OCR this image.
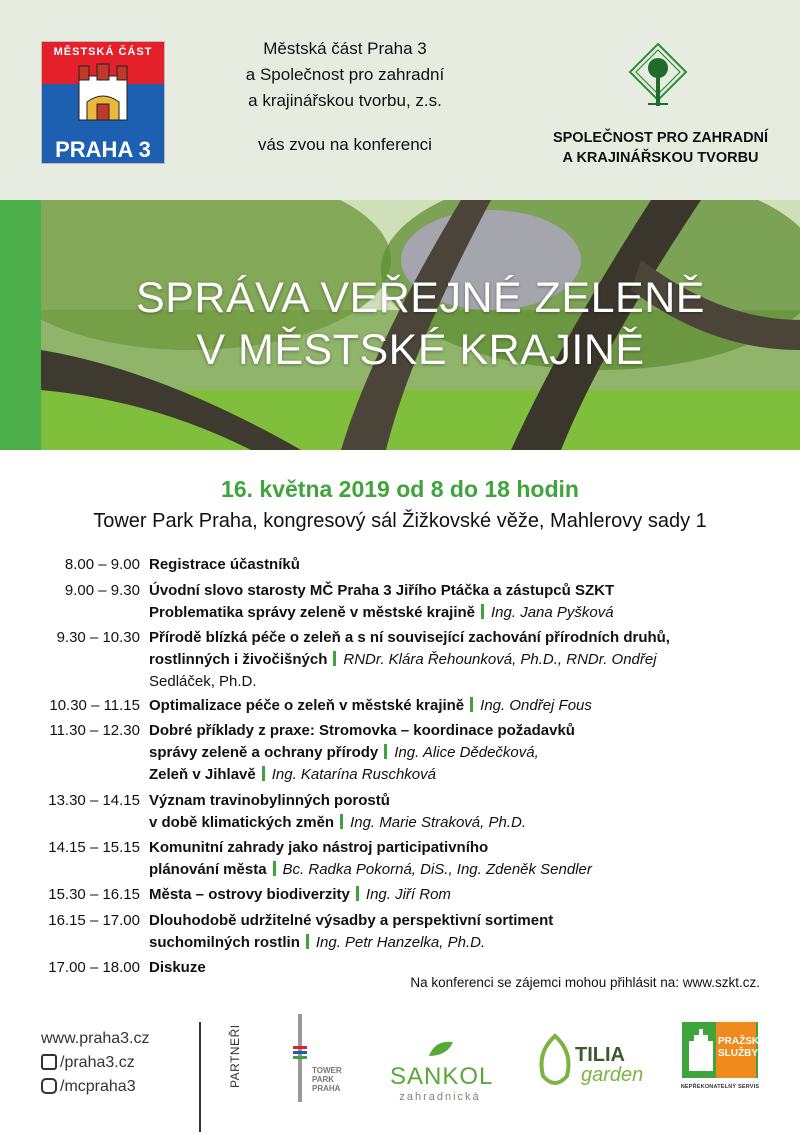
MĚSTSKÁ ČÁST
PRAHA 3
Městská část Praha 3
a Společnost pro zahradní
a krajinářskou tvorbu, z.s.
vás zvou na konferenci	SPOLEČNOST PRO ZAHRADNÍ
A KRAJINÁŘSKOU TVORBU
SPRÁVA VEŘEJNÉ ZELENĚ
V MĚSTSKÉ KRAJINĚ
16. května 2019 od 8 do 18 hodin
Tower Park Praha, kongresový sál Žižkovské věže, Mahlerovy sady 1
8.00 – 9.00 Registrace účastníků
9.00 – 9.30 Úvodní slovo starosty MČ Praha 3 Jiřího Ptáčka a zástupců SZKT
Problematika správy zeleně v městské krajině Ing. Jana Pyšková
9.30 – 10.30 Přírodě blízká péče o zeleň a s ní související zachování přírodních druhů,
rostlinných i živočišných RNDr. Klára Řehounková, Ph.D., RNDr. Ondřej
Sedláček, Ph.D.
10.30 – 11.15 Optimalizace péče o zeleň v městské krajině Ing. Ondřej Fous
11.30 – 12.30 Dobré příklady z praxe: Stromovka – koordinace požadavků
správy zeleně a ochrany přírody Ing. Alice Dědečková,
Zeleň v Jihlavě Ing. Katarína Ruschková
13.30 – 14.15 Význam travinobylinných porostů
v době klimatických změn Ing. Marie Straková, Ph.D.
14.15 – 15.15 Komunitní zahrady jako nástroj participativního
plánování města Bc. Radka Pokorná, DiS., Ing. Zdeněk Sendler
15.30 – 16.15 Města – ostrovy biodiverzity Ing. Jiří Rom
16.15 – 17.00 Dlouhodobě udržitelné výsadby a perspektivní sortiment
suchomilných rostlin Ing. Petr Hanzelka, Ph.D.
17.00 – 18.00 Diskuze
Na konferenci se zájemci mohou přihlásit na: www.szkt.cz.
www.praha3.cz
/praha3.cz
/mcpraha3	PARTNEŘI	TOWER
PARK
PRAHA SANKOL
zahradnická
TILIA
garden
PRAŽSKÉ
SLUŽBY
NEPŘEKONATELNÝ SERVIS
